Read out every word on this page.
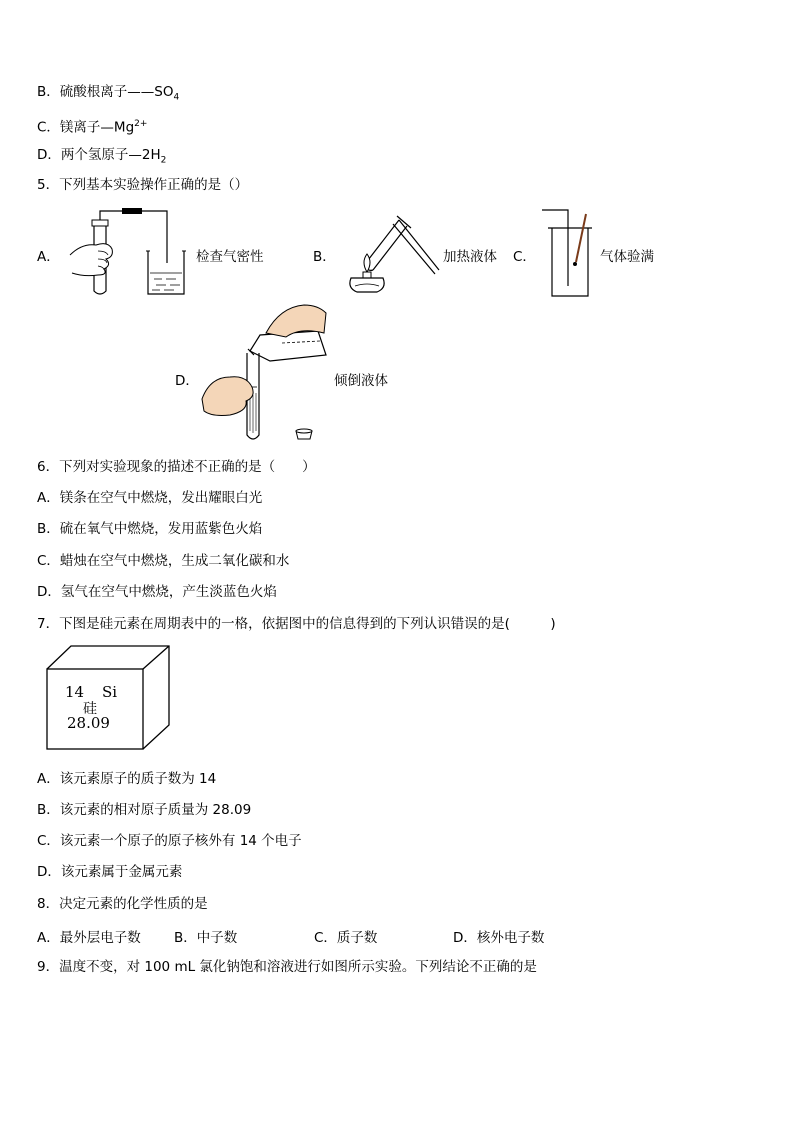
B．硫酸根离子$——SO_4$
C．镁离子$—Mg^{2+}$
D．两个氢原子$—2H_2$
5．下列基本实验操作正确的是（）
A．	检查气密性	B．	加热液体 C．	气体验满
D．	倾倒液体
6．下列对实验现象的描述不正确的是（　　）
A．镁条在空气中燃烧，发出耀眼白光
B．硫在氧气中燃烧，发用蓝紫色火焰
C．蜡烛在空气中燃烧，生成二氧化碳和水
D．氢气在空气中燃烧，产生淡蓝色火焰
7．下图是硅元素在周期表中的一格，依据图中的信息得到的下列认识错误的是(　　　)
14 Si
硅
28.09
A．该元素原子的质子数为 14
B．该元素的相对原子质量为 28.09
C．该元素一个原子的原子核外有 14 个电子
D．该元素属于金属元素
8．决定元素的化学性质的是
A．最外层电子数 B．中子数	C．质子数	D．核外电子数
9．温度不变，对 100 mL 氯化钠饱和溶液进行如图所示实验。下列结论不正确的是
